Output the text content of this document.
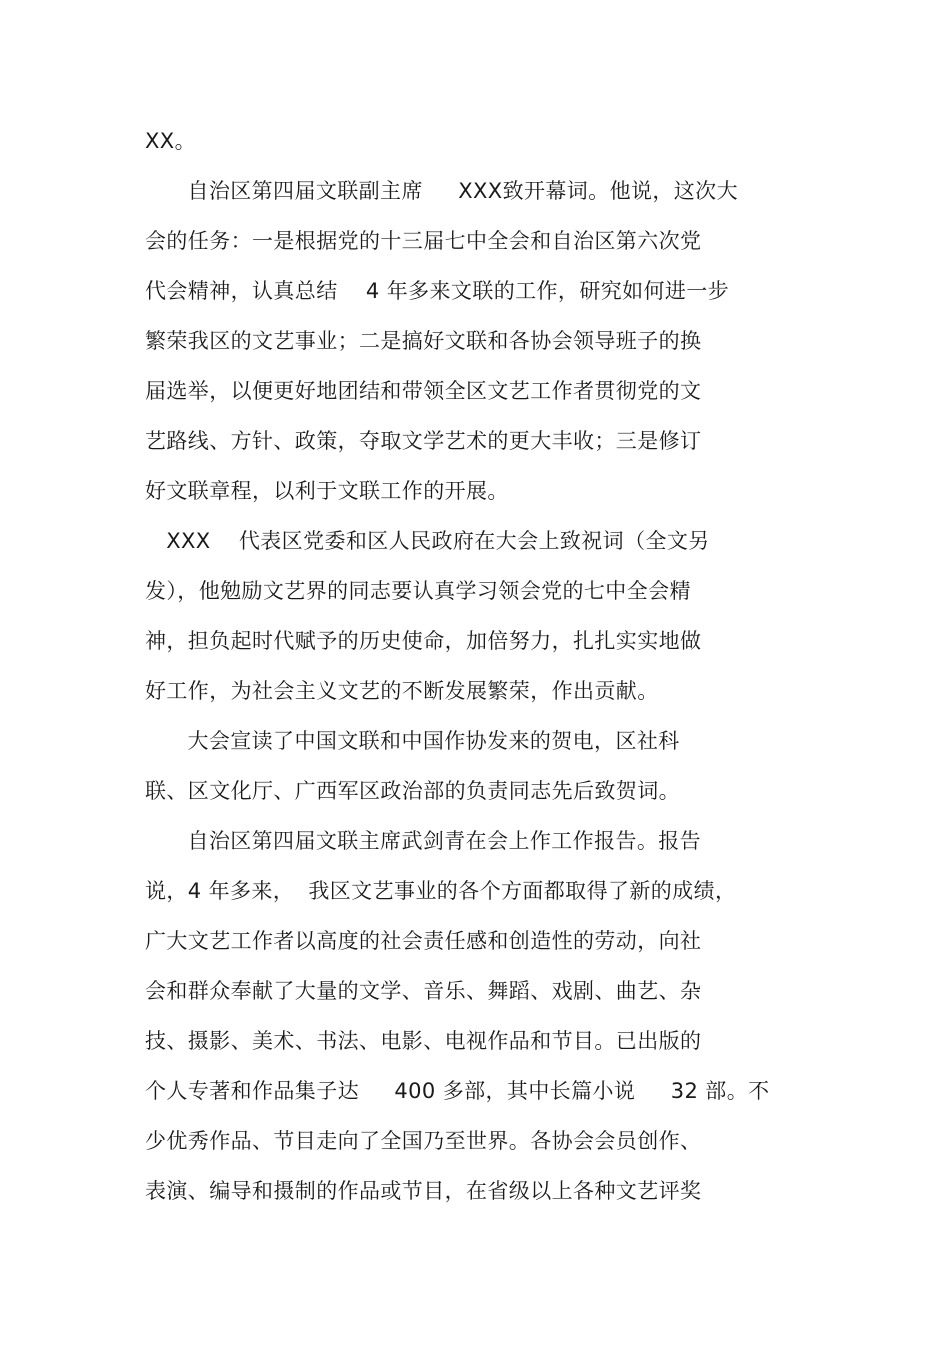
XX。

自治区第四届文联副主席     XXX致开幕词。他说，这次大

会的任务：一是根据党的十三届七中全会和自治区第六次党

代会精神，认真总结    4 年多来文联的工作，研究如何进一步

繁荣我区的文艺事业；二是搞好文联和各协会领导班子的换

届选举，以便更好地团结和带领全区文艺工作者贯彻党的文

艺路线、方针、政策，夺取文学艺术的更大丰收；三是修订

好文联章程，以利于文联工作的开展。

XXX    代表区党委和区人民政府在大会上致祝词（全文另

发），他勉励文艺界的同志要认真学习领会党的七中全会精

神，担负起时代赋予的历史使命，加倍努力，扎扎实实地做

好工作，为社会主义文艺的不断发展繁荣，作出贡献。

大会宣读了中国文联和中国作协发来的贺电，区社科

联、区文化厅、广西军区政治部的负责同志先后致贺词。

自治区第四届文联主席武剑青在会上作工作报告。报告

说，4 年多来，  我区文艺事业的各个方面都取得了新的成绩，

广大文艺工作者以高度的社会责任感和创造性的劳动，向社

会和群众奉献了大量的文学、音乐、舞蹈、戏剧、曲艺、杂

技、摄影、美术、书法、电影、电视作品和节目。已出版的

个人专著和作品集子达     400 多部，其中长篇小说     32 部。不

少优秀作品、节目走向了全国乃至世界。各协会会员创作、

表演、编导和摄制的作品或节目，在省级以上各种文艺评奖
